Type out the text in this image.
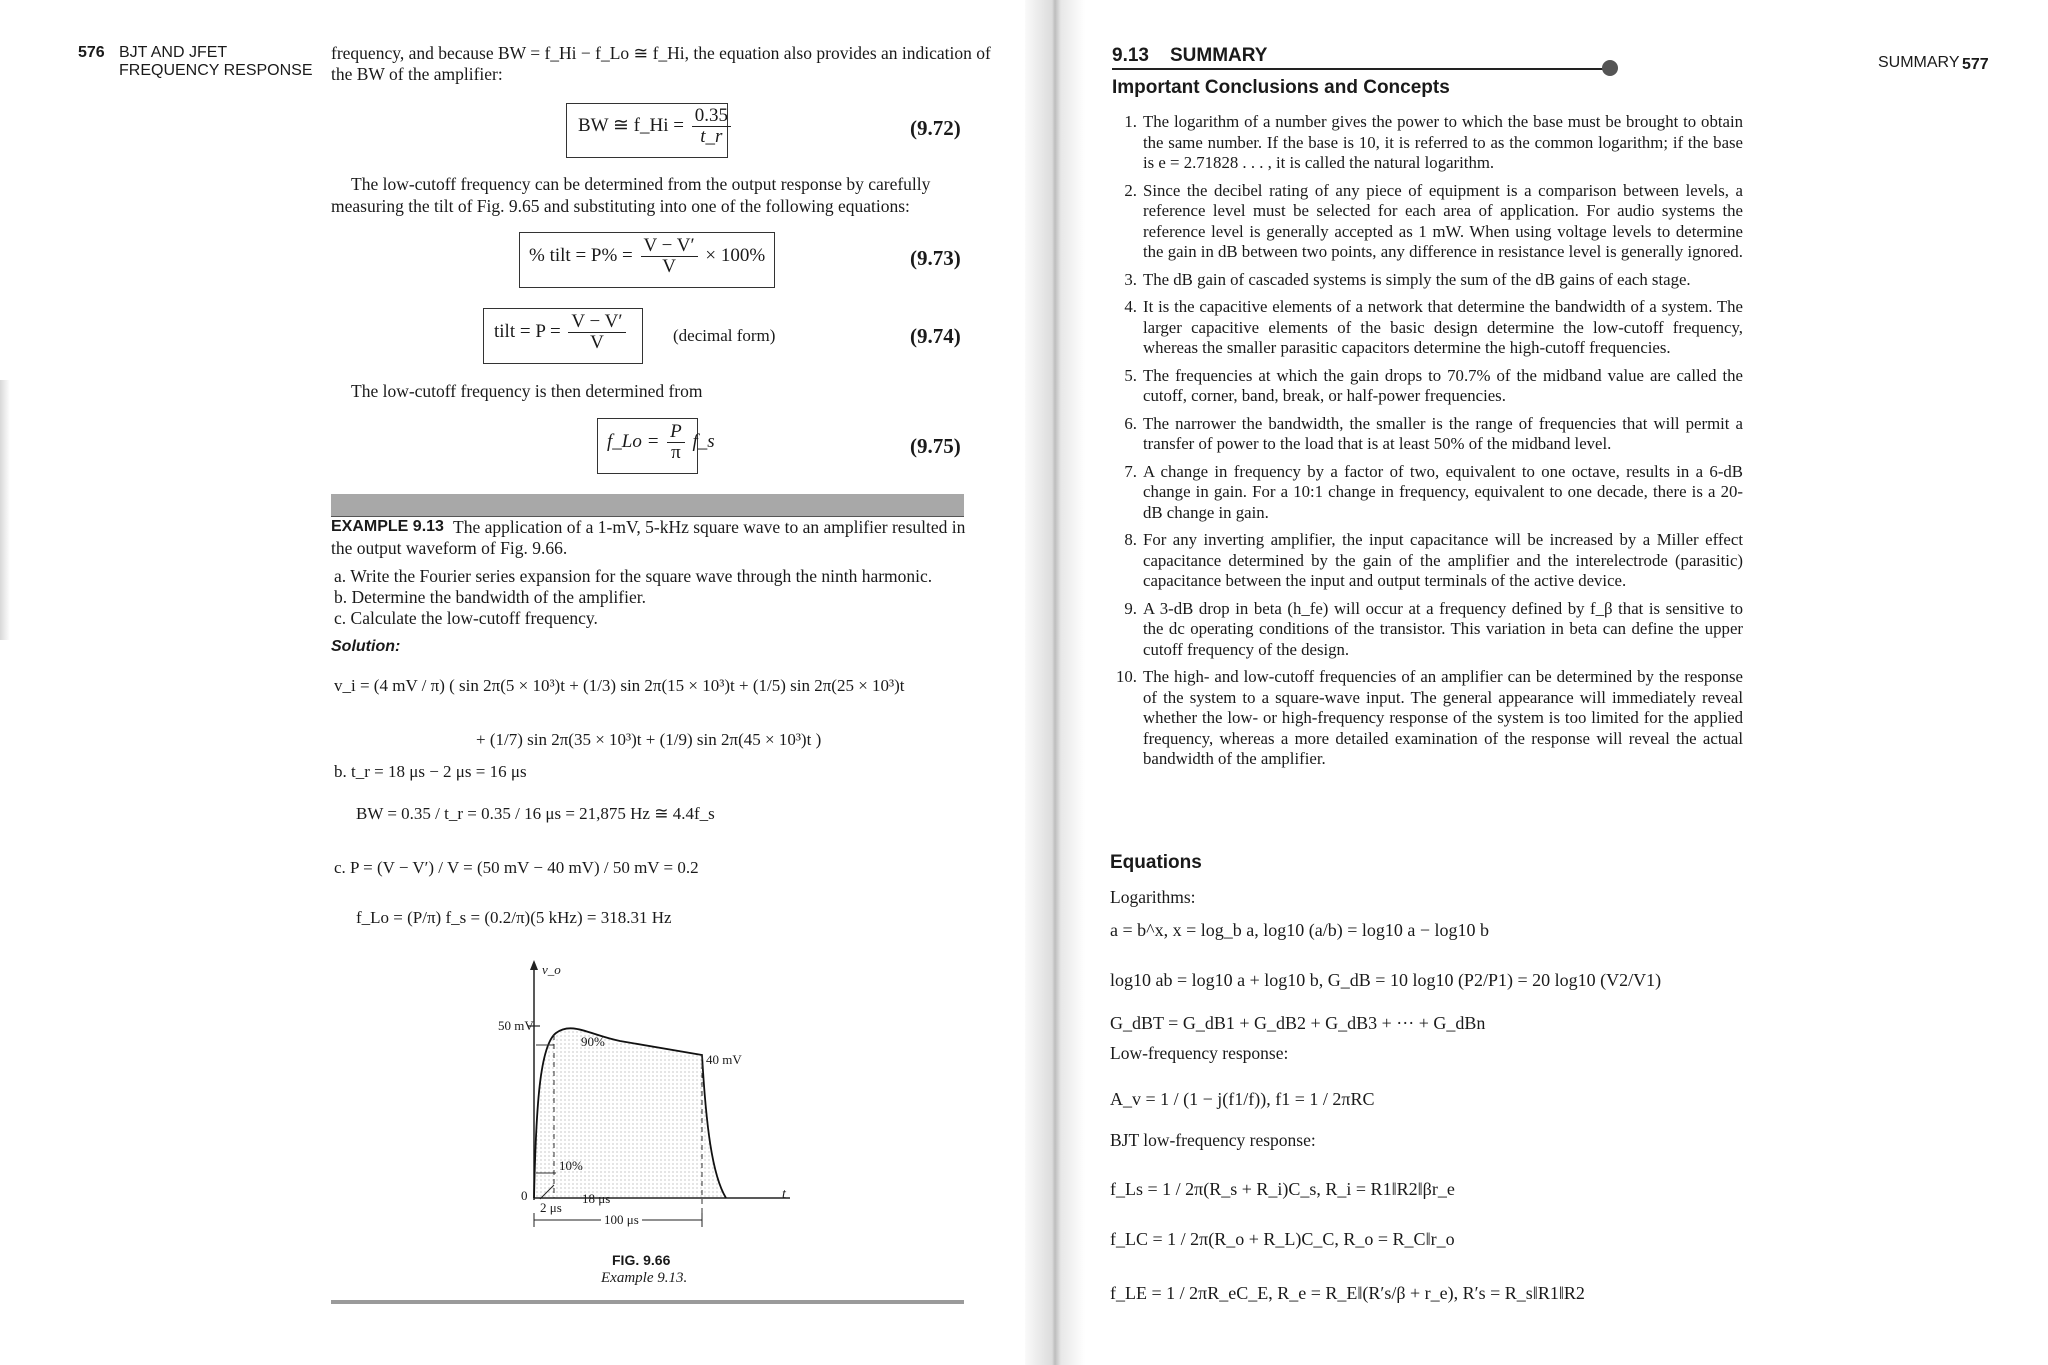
576 BJT AND JFET
FREQUENCY RESPONSE
frequency, and because BW = f_Hi − f_Lo ≅ f_Hi, the equation also provides an indication of
the BW of the amplifier:
BW ≅ f_Hi = $\frac{0.35}{t\_r}$	(9.72)
The low-cutoff frequency can be determined from the output response by carefully
measuring the tilt of Fig. 9.65 and substituting into one of the following equations:
% tilt = $P\% = \frac{V - V'}{V} \times 100\%$	(9.73)
tilt = $P = \frac{V - V'}{V}$	(decimal form)	(9.74)
The low-cutoff frequency is then determined from
f_Lo = $\frac{P}{\pi}$ f_s	(9.75)
EXAMPLE 9.13 The application of a 1-mV, 5-kHz square wave to an amplifier resulted in
the output waveform of Fig. 9.66.
a. Write the Fourier series expansion for the square wave through the ninth harmonic.
b. Determine the bandwidth of the amplifier.
c. Calculate the low-cutoff frequency.
Solution:
v_i = (4 mV / π) ( sin 2π(5 × 10³)t + (1/3) sin 2π(15 × 10³)t + (1/5) sin 2π(25 × 10³)t
+ (1/7) sin 2π(35 × 10³)t + (1/9) sin 2π(45 × 10³)t )
b. t_r = 18 μs − 2 μs = 16 μs
BW = 0.35 / t_r = 0.35 / 16 μs = 21,875 Hz ≅ 4.4f_s
c. P = (V − V′) / V = (50 mV − 40 mV) / 50 mV = 0.2
f_Lo = (P/π) f_s = (0.2/π)(5 kHz) = 318.31 Hz
v_o
t
50 mV
40 mV
90%
10%
0
2 μs
18 μs
100 μs
FIG. 9.66
Example 9.13.
SUMMARY 577
9.13 SUMMARY
Important Conclusions and Concepts
1. The logarithm of a number gives the power to which the base must be brought to obtain the same number. If the base is 10, it is referred to as the common logarithm; if the base is e = 2.71828 . . . , it is called the natural logarithm.
2. Since the decibel rating of any piece of equipment is a comparison between levels, a reference level must be selected for each area of application. For audio systems the reference level is generally accepted as 1 mW. When using voltage levels to determine the gain in dB between two points, any difference in resistance level is generally ignored.
3. The dB gain of cascaded systems is simply the sum of the dB gains of each stage.
4. It is the capacitive elements of a network that determine the bandwidth of a system. The larger capacitive elements of the basic design determine the low-cutoff frequency, whereas the smaller parasitic capacitors determine the high-cutoff frequencies.
5. The frequencies at which the gain drops to 70.7% of the midband value are called the cutoff, corner, band, break, or half-power frequencies.
6. The narrower the bandwidth, the smaller is the range of frequencies that will permit a transfer of power to the load that is at least 50% of the midband level.
7. A change in frequency by a factor of two, equivalent to one octave, results in a 6-dB change in gain. For a 10:1 change in frequency, equivalent to one decade, there is a 20-dB change in gain.
8. For any inverting amplifier, the input capacitance will be increased by a Miller effect capacitance determined by the gain of the amplifier and the interelectrode (parasitic) capacitance between the input and output terminals of the active device.
9. A 3-dB drop in beta (h_fe) will occur at a frequency defined by f_β that is sensitive to the dc operating conditions of the transistor. This variation in beta can define the upper cutoff frequency of the design.
10. The high- and low-cutoff frequencies of an amplifier can be determined by the response of the system to a square-wave input. The general appearance will immediately reveal whether the low- or high-frequency response of the system is too limited for the applied frequency, whereas a more detailed examination of the response will reveal the actual bandwidth of the amplifier.
Equations
Logarithms:
a = b^x, x = log_b a, log10 (a/b) = log10 a − log10 b
log10 ab = log10 a + log10 b, G_dB = 10 log10 (P2/P1) = 20 log10 (V2/V1)
G_dBT = G_dB1 + G_dB2 + G_dB3 + ··· + G_dBn
Low-frequency response:
A_v = 1 / (1 − j(f1/f)), f1 = 1 / 2πRC
BJT low-frequency response:
f_Ls = 1 / 2π(R_s + R_i)C_s, R_i = R1‖R2‖βr_e
f_LC = 1 / 2π(R_o + R_L)C_C, R_o = R_C‖r_o
f_LE = 1 / 2πR_eC_E, R_e = R_E‖(R′s/β + r_e), R′s = R_s‖R1‖R2
